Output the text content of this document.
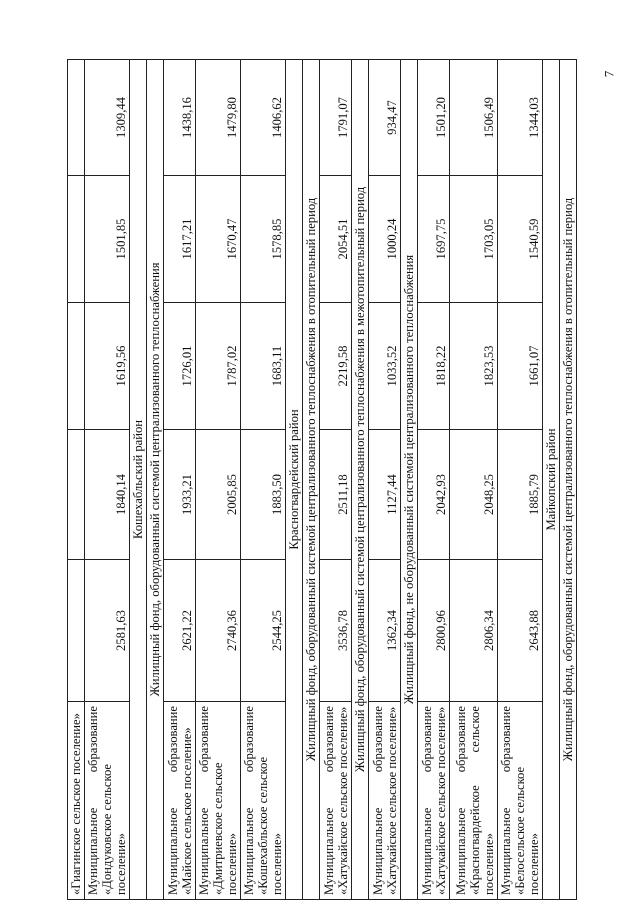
«Гиагинское сельское поселение»					

Муниципальное
образование
«Дондуковское сельское поселение»	2581,63	1840,14	1619,56	1501,85	1309,44
Кошехабльский район					
Жилищный фонд, оборудованный системой централизованного теплоснабжения					

Муниципальное
образование «Майское сельское поселение»	2621,22	1933,21	1726,01	1617,21	1438,16

Муниципальное
образование
«Дмитриевское сельское поселение»	2740,36	2005,85	1787,02	1670,47	1479,80

Муниципальное
образование
«Кошехабльское сельское поселение»	2544,25	1883,50	1683,11	1578,85	1406,62
Красногвардейский район					
Жилищный фонд, оборудованный системой централизованного теплоснабжения в отопительный период					

Муниципальное
образование «Хатукайское сельское поселение»	3536,78	2511,18	2219,58	2054,51	1791,07
Жилищный фонд, оборудованный системой централизованного теплоснабжения в межотопительный период					

Муниципальное
образование «Хатукайское сельское поселение»	1362,34	1127,44	1033,52	1000,24	934,47
Жилищный фонд, не оборудованный системой централизованного теплоснабжения					

Муниципальное
образование «Хатукайское сельское поселение»	2800,96	2042,93	1818,22	1697,75	1501,20

Муниципальное
образование
«Красногвардейское
сельское
поселение»	2806,34	2048,25	1823,53	1703,05	1506,49

Муниципальное
образование
«Белосельское сельское поселение»	2643,88	1885,79	1661,07	1540,59	1344,03
Майкопский район					
Жилищный фонд, оборудованный системой централизованного теплоснабжения в отопительный период					
7
